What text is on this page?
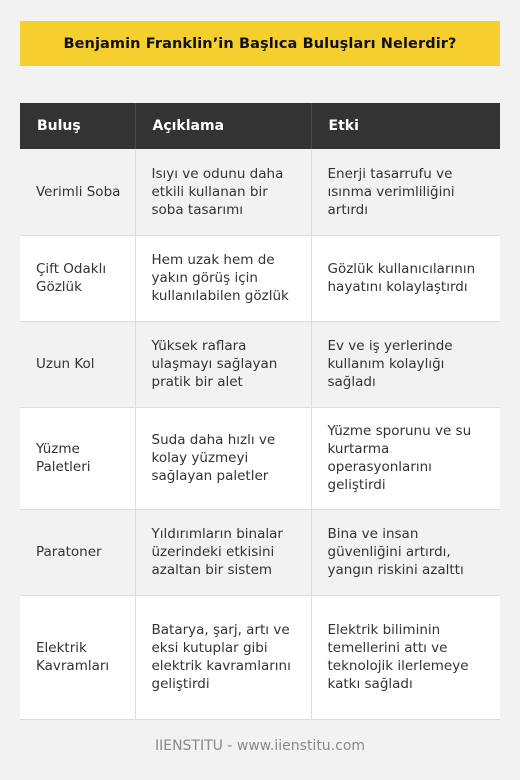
Benjamin Franklin’in Başlıca Buluşları Nelerdir?
Buluş	Açıklama	Etki
Verimli Soba	Isıyı ve odunu daha etkili kullanan bir soba tasarımı	Enerji tasarrufu ve ısınma verimliliğini artırdı
Çift Odaklı Gözlük	Hem uzak hem de yakın görüş için kullanılabilen gözlük	Gözlük kullanıcılarının hayatını kolaylaştırdı
Uzun Kol	Yüksek raflara ulaşmayı sağlayan pratik bir alet	Ev ve iş yerlerinde kullanım kolaylığı sağladı
Yüzme Paletleri	Suda daha hızlı ve kolay yüzmeyi sağlayan paletler	Yüzme sporunu ve su kurtarma operasyonlarını geliştirdi
Paratoner	Yıldırımların binalar üzerindeki etkisini azaltan bir sistem	Bina ve insan güvenliğini artırdı, yangın riskini azalttı
Elektrik Kavramları	Batarya, şarj, artı ve eksi kutuplar gibi elektrik kavramlarını geliştirdi	Elektrik biliminin temellerini attı ve teknolojik ilerlemeye katkı sağladı
IIENSTITU - www.iienstitu.com
